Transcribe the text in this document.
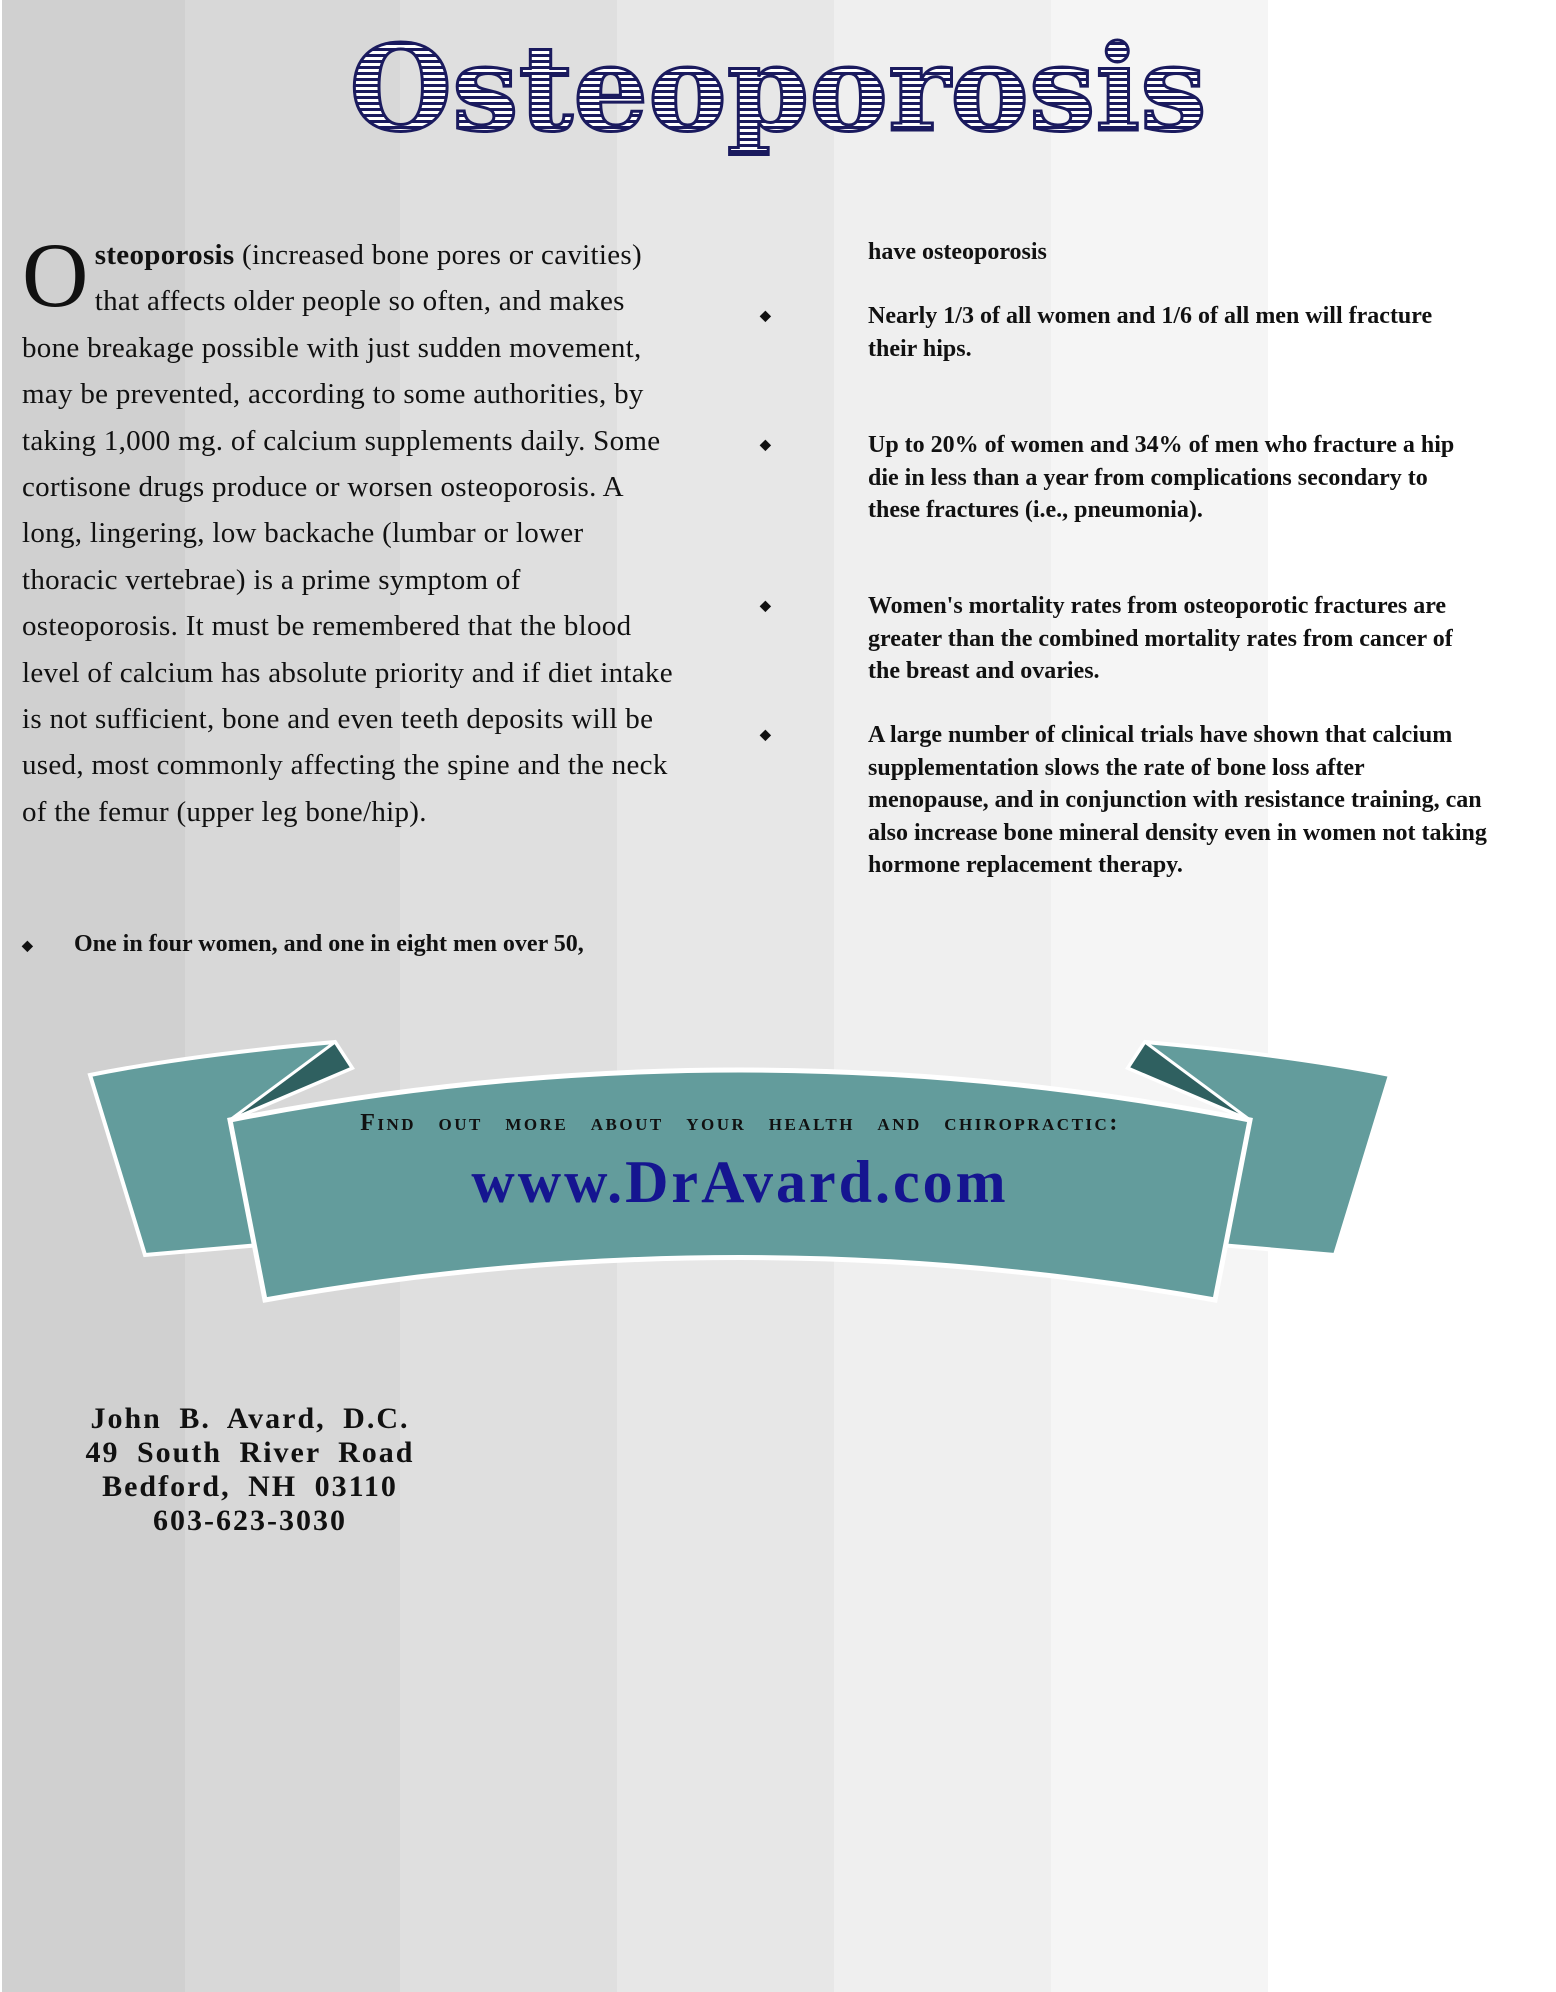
Osteoporosis
Osteoporosis (increased bone pores or cavities) that affects older people so often, and makes bone breakage possible with just sudden movement, may be prevented, according to some authorities, by taking 1,000 mg. of calcium supplements daily. Some cortisone drugs produce or worsen osteoporosis. A long, lingering, low backache (lumbar or lower thoracic vertebrae) is a prime symptom of osteoporosis. It must be remembered that the blood level of calcium has absolute priority and if diet intake is not sufficient, bone and even teeth deposits will be used, most commonly affecting the spine and the neck of the femur (upper leg bone/hip).
◆ One in four women, and one in eight men over 50,
have osteoporosis
◆	Nearly 1/3 of all women and 1/6 of all men will fracture their hips.
◆	Up to 20% of women and 34% of men who fracture a hip die in less than a year from complications secondary to these fractures (i.e., pneumonia).
◆	Women's mortality rates from osteoporotic fractures are greater than the combined mortality rates from cancer of the breast and ovaries.
◆	A large number of clinical trials have shown that calcium supplementation slows the rate of bone loss after menopause, and in conjunction with resistance training, can also increase bone mineral density even in women not taking hormone replacement therapy.
Find out more about your health and chiropractic:
www.DrAvard.com
John B. Avard, D.C.
49 South River Road
Bedford, NH 03110
603-623-3030
